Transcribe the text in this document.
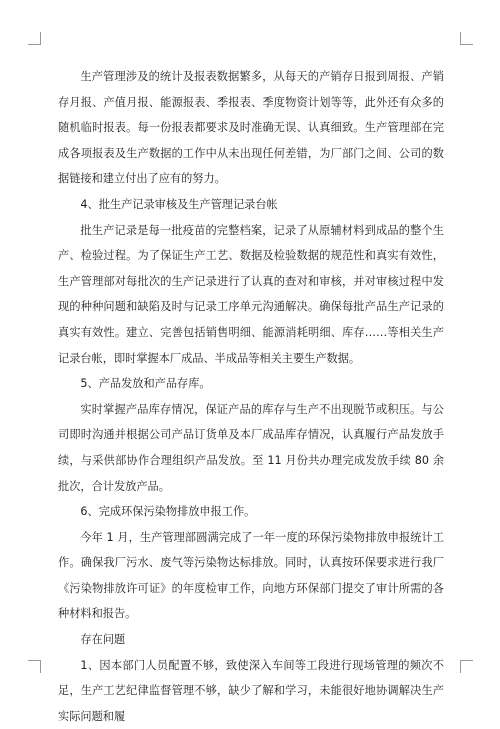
生产管理涉及的统计及报表数据繁多，从每天的产销存日报到周报、产销存月报、产值月报、能源报表、季报表、季度物资计划等等，此外还有众多的随机临时报表。每一份报表都要求及时准确无误、认真细致。生产管理部在完成各项报表及生产数据的工作中从未出现任何差错，为厂部门之间、公司的数据链接和建立付出了应有的努力。

4、批生产记录审核及生产管理记录台帐

批生产记录是每一批疫苗的完整档案，记录了从原辅材料到成品的整个生产、检验过程。为了保证生产工艺、数据及检验数据的规范性和真实有效性，生产管理部对每批次的生产记录进行了认真的查对和审核，并对审核过程中发现的种种问题和缺陷及时与记录工序单元沟通解决。确保每批产品生产记录的真实有效性。建立、完善包括销售明细、能源消耗明细、库存……等相关生产记录台帐，即时掌握本厂成品、半成品等相关主要生产数据。

5、产品发放和产品存库。

实时掌握产品库存情况，保证产品的库存与生产不出现脱节或积压。与公司即时沟通并根据公司产品订货单及本厂成品库存情况，认真履行产品发放手续，与采供部协作合理组织产品发放。至 11 月份共办理完成发放手续 80 余批次，合计发放产品。

6、完成环保污染物排放申报工作。

今年 1 月，生产管理部圆满完成了一年一度的环保污染物排放申报统计工作。确保我厂污水、废气等污染物达标排放。同时，认真按环保要求进行我厂《污染物排放许可证》的年度检审工作，向地方环保部门提交了审计所需的各种材料和报告。

存在问题

1、因本部门人员配置不够，致使深入车间等工段进行现场管理的频次不足，生产工艺纪律监督管理不够，缺少了解和学习，未能很好地协调解决生产实际问题和履
